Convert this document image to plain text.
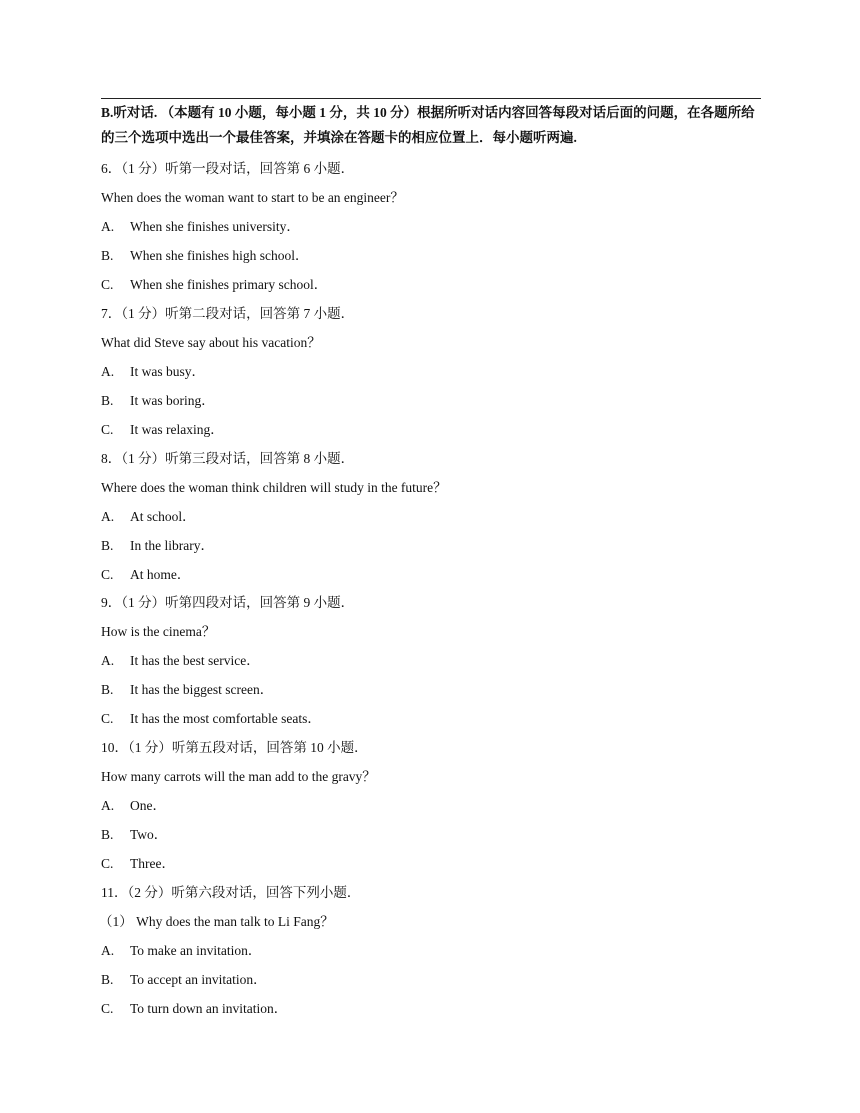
B.听对话. （本题有 10 小题，每小题 1 分，共 10 分）根据所听对话内容回答每段对话后面的问题，在各题所给的三个选项中选出一个最佳答案，并填涂在答题卡的相应位置上．每小题听两遍.
6．（1 分）听第一段对话，回答第 6 小题．
When does the woman want to start to be an engineer？
A. When she finishes university．
B. When she finishes high school．
C. When she finishes primary school．
7．（1 分）听第二段对话，回答第 7 小题．
What did Steve say about his vacation？
A. It was busy．
B. It was boring．
C. It was relaxing．
8．（1 分）听第三段对话，回答第 8 小题．
Where does the woman think children will study in the future？
A. At school．
B. In the library．
C. At home．
9．（1 分）听第四段对话，回答第 9 小题．
How is the cinema？
A. It has the best service．
B. It has the biggest screen．
C. It has the most comfortable seats．
10．（1 分）听第五段对话，回答第 10 小题．
How many carrots will the man add to the gravy？
A. One．
B. Two．
C. Three．
11．（2 分）听第六段对话，回答下列小题．
（1） Why does the man talk to Li Fang？
A. To make an invitation．
B. To accept an invitation．
C. To turn down an invitation．
